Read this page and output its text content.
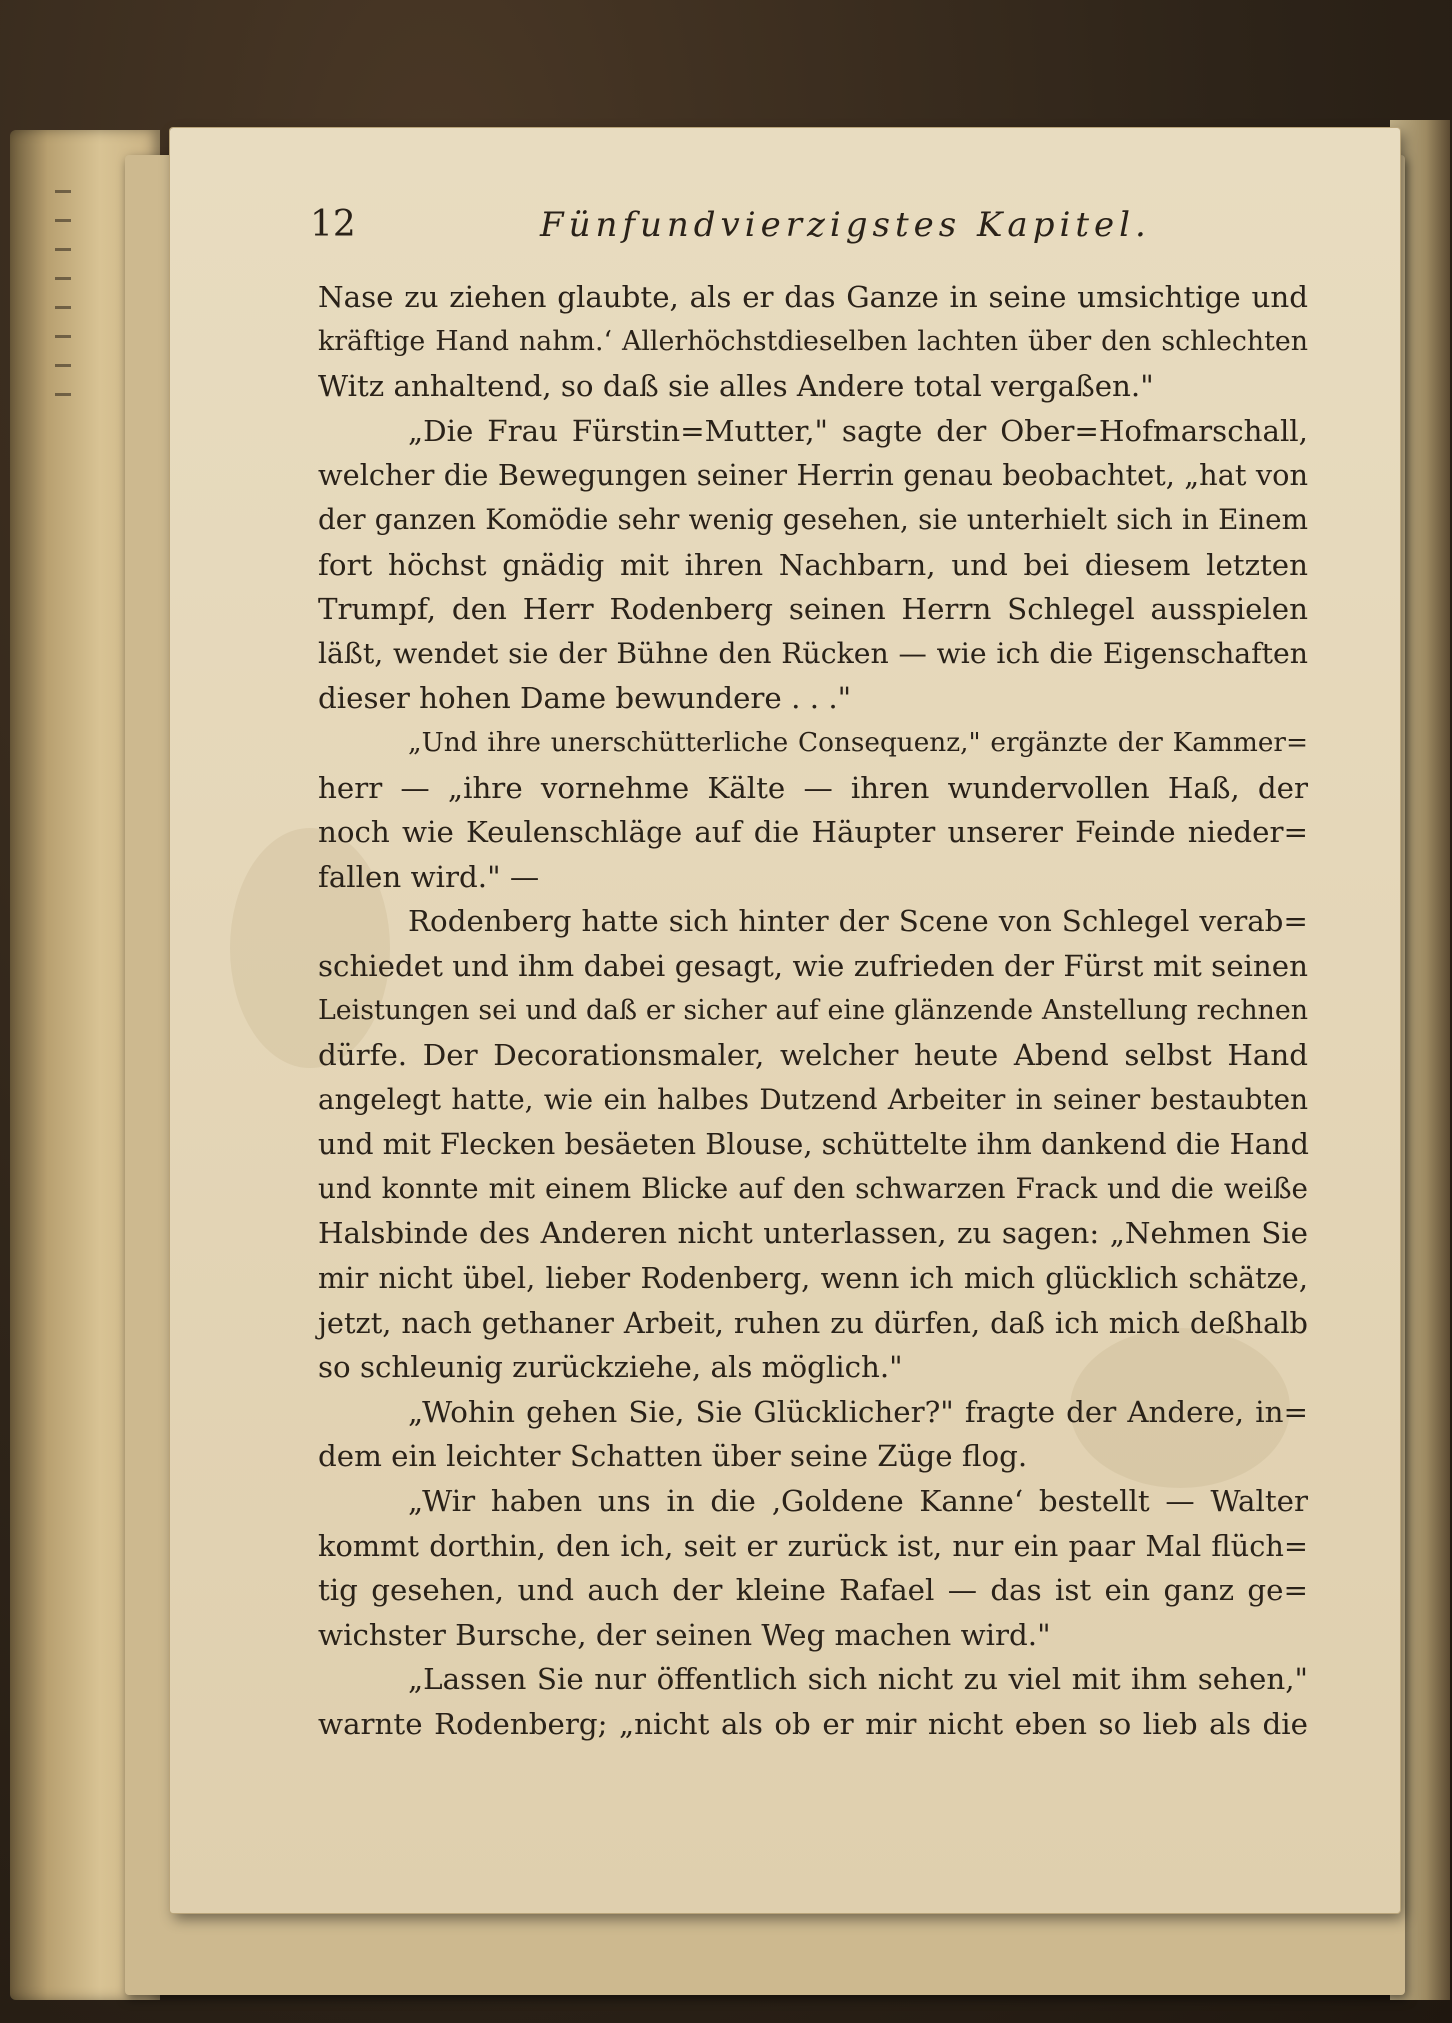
12	Fünfundvierzigstes Kapitel.
Nase zu ziehen glaubte, als er das Ganze in seine umsichtige und
kräftige Hand nahm.‘ Allerhöchstdieselben lachten über den schlechten
Witz anhaltend, so daß sie alles Andere total vergaßen."
„Die Frau Fürstin=Mutter," sagte der Ober=Hofmarschall,
welcher die Bewegungen seiner Herrin genau beobachtet, „hat von
der ganzen Komödie sehr wenig gesehen, sie unterhielt sich in Einem
fort höchst gnädig mit ihren Nachbarn, und bei diesem letzten
Trumpf, den Herr Rodenberg seinen Herrn Schlegel ausspielen
läßt, wendet sie der Bühne den Rücken — wie ich die Eigenschaften
dieser hohen Dame bewundere . . ."
„Und ihre unerschütterliche Consequenz," ergänzte der Kammer=
herr — „ihre vornehme Kälte — ihren wundervollen Haß, der
noch wie Keulenschläge auf die Häupter unserer Feinde nieder=
fallen wird." —
Rodenberg hatte sich hinter der Scene von Schlegel verab=
schiedet und ihm dabei gesagt, wie zufrieden der Fürst mit seinen
Leistungen sei und daß er sicher auf eine glänzende Anstellung rechnen
dürfe. Der Decorationsmaler, welcher heute Abend selbst Hand
angelegt hatte, wie ein halbes Dutzend Arbeiter in seiner bestaubten
und mit Flecken besäeten Blouse, schüttelte ihm dankend die Hand
und konnte mit einem Blicke auf den schwarzen Frack und die weiße
Halsbinde des Anderen nicht unterlassen, zu sagen: „Nehmen Sie
mir nicht übel, lieber Rodenberg, wenn ich mich glücklich schätze,
jetzt, nach gethaner Arbeit, ruhen zu dürfen, daß ich mich deßhalb
so schleunig zurückziehe, als möglich."
„Wohin gehen Sie, Sie Glücklicher?" fragte der Andere, in=
dem ein leichter Schatten über seine Züge flog.
„Wir haben uns in die ‚Goldene Kanne‘ bestellt — Walter
kommt dorthin, den ich, seit er zurück ist, nur ein paar Mal flüch=
tig gesehen, und auch der kleine Rafael — das ist ein ganz ge=
wichster Bursche, der seinen Weg machen wird."
„Lassen Sie nur öffentlich sich nicht zu viel mit ihm sehen,"
warnte Rodenberg; „nicht als ob er mir nicht eben so lieb als die
